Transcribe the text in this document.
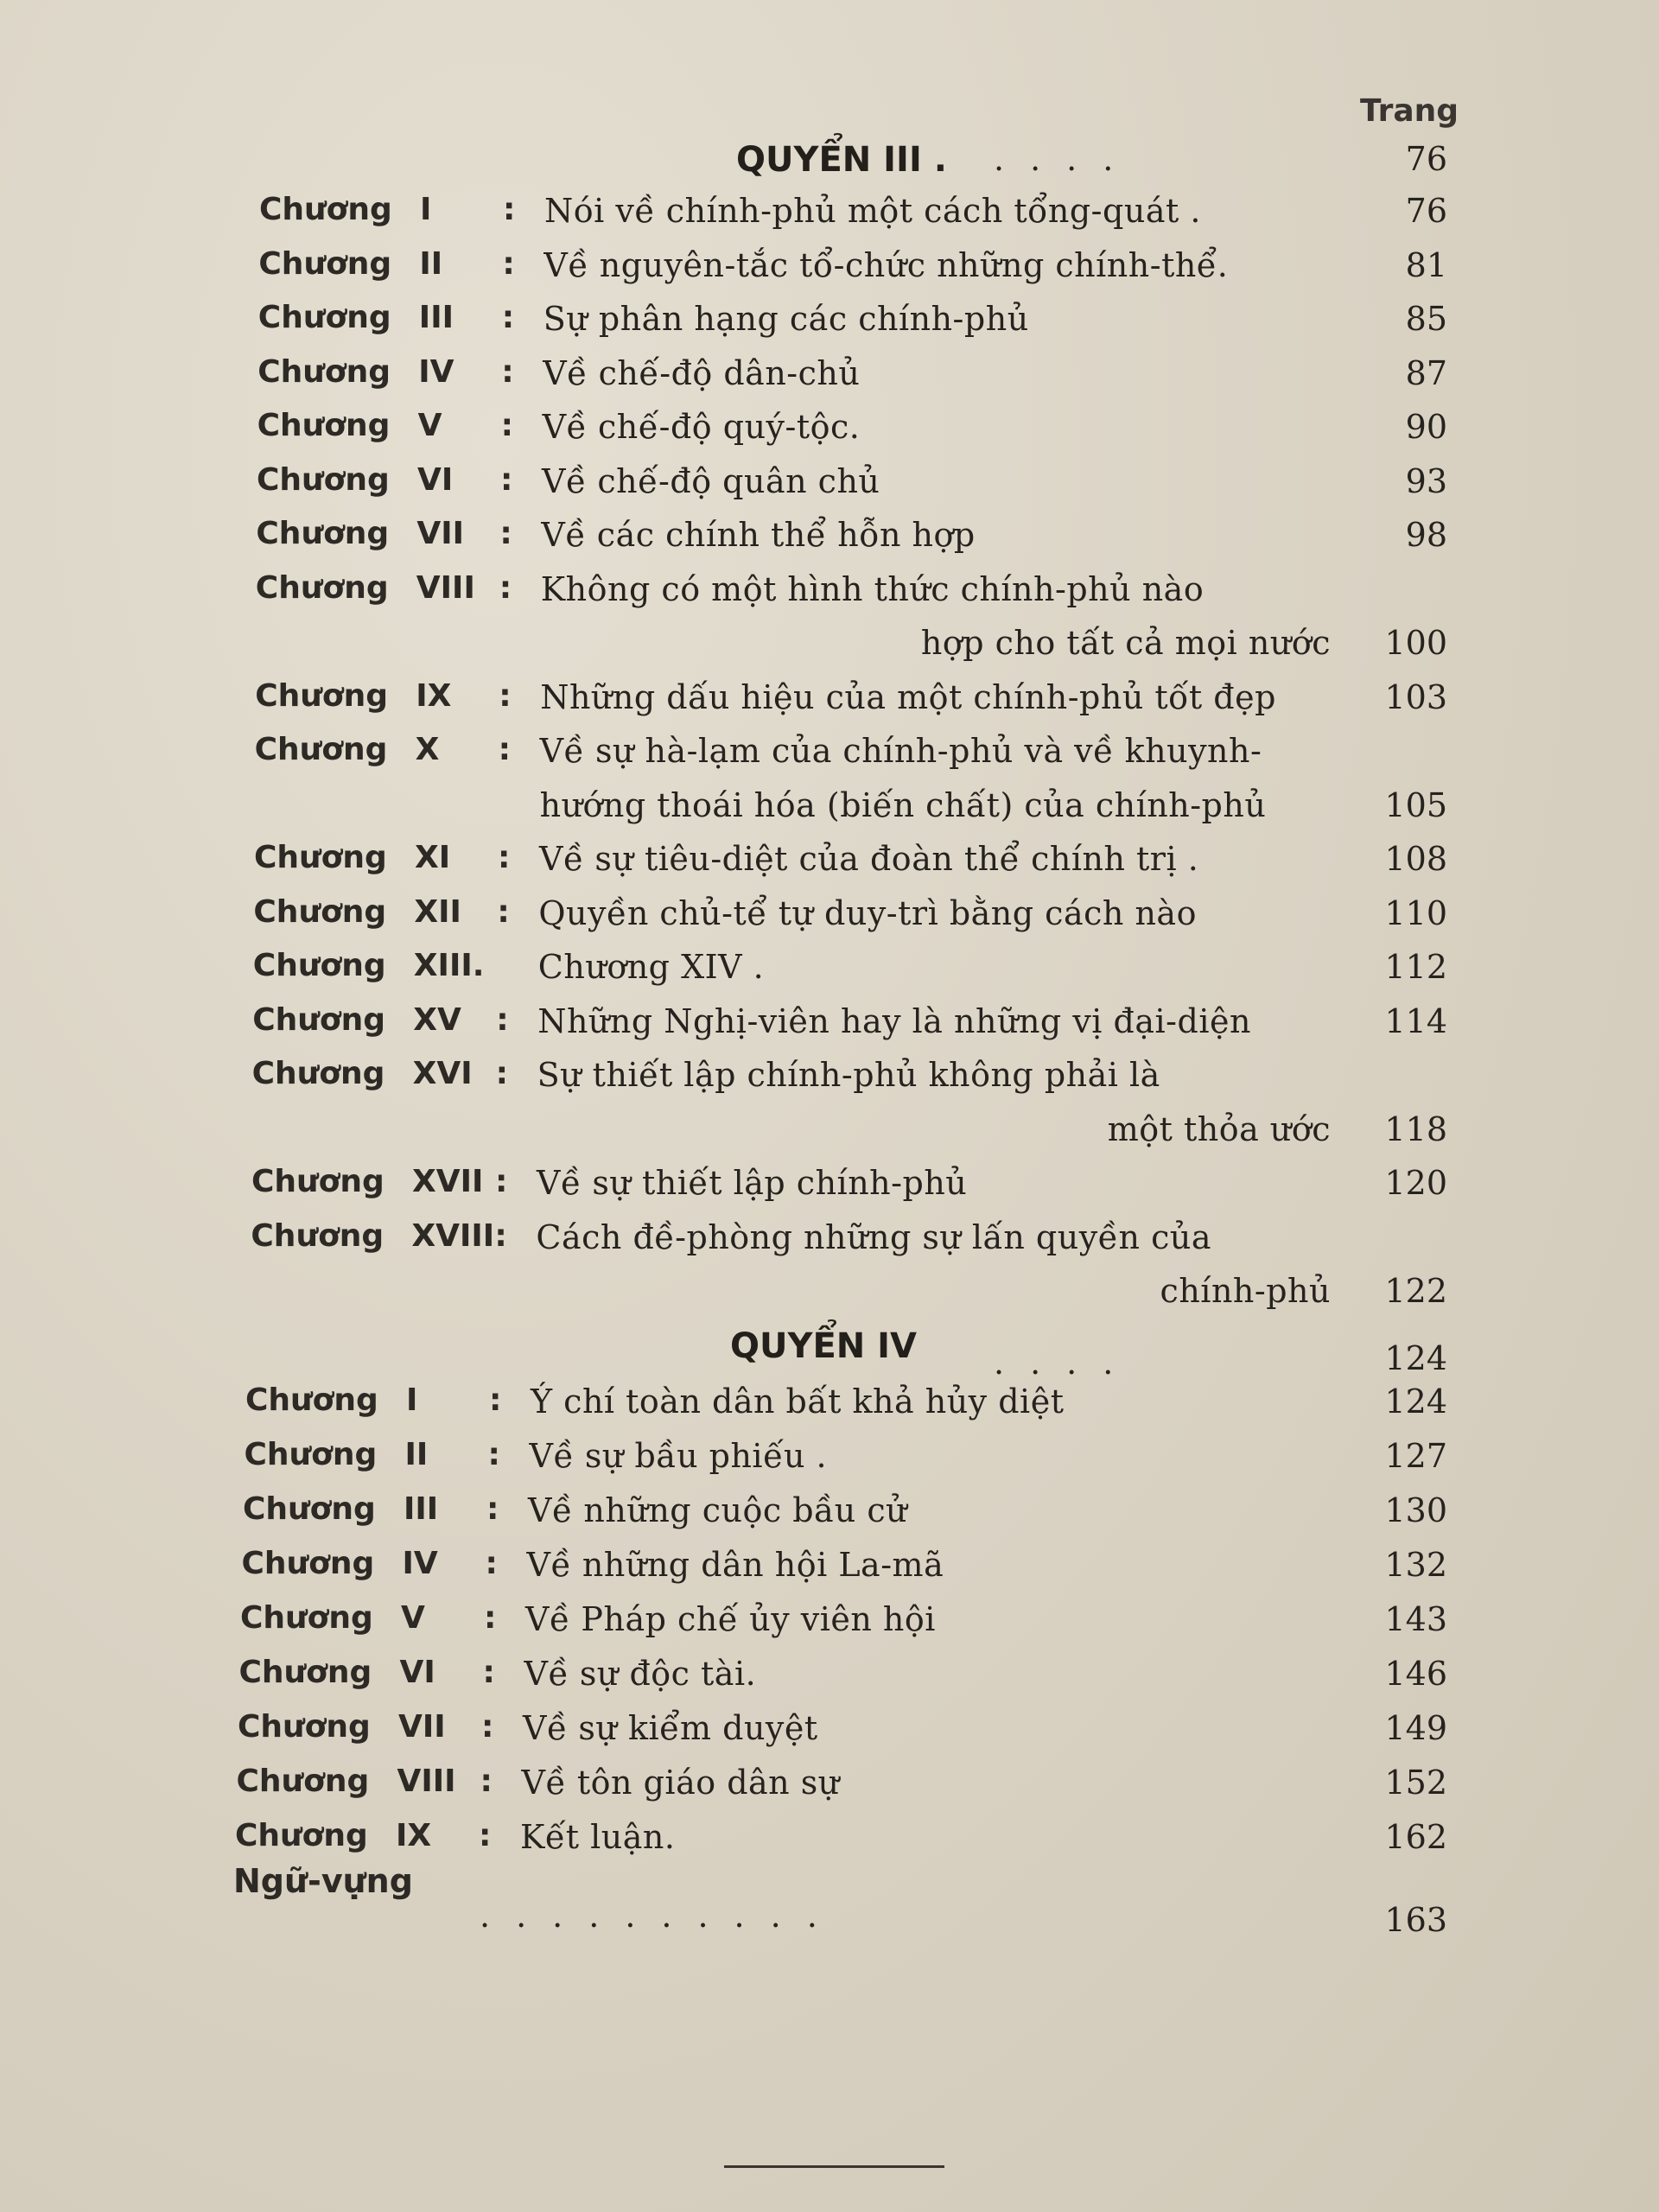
Trang
QUYỂN III . ....	76
Chương I : Nói về chính-phủ một cách tổng-quát .	76
Chương II : Về nguyên-tắc tổ-chức những chính-thể.	81
Chương III : Sự phân hạng các chính-phủ	85
Chương IV : Về chế-độ dân-chủ	87
Chương V : Về chế-độ quý-tộc.	90
Chương VI : Về chế-độ quân chủ	93
Chương VII : Về các chính thể hỗn hợp	98
Chương VIII : Không có một hình thức chính-phủ nào
hợp cho tất cả mọi nước	100
Chương IX : Những dấu hiệu của một chính-phủ tốt đẹp	103
Chương X : Về sự hà-lạm của chính-phủ và về khuynh-
hướng thoái hóa (biến chất) của chính-phủ	105
Chương XI : Về sự tiêu-diệt của đoàn thể chính trị .	108
Chương XII : Quyền chủ-tể tự duy-trì bằng cách nào	110
Chương XIII. Chương XIV .	112
Chương XV : Những Nghị-viên hay là những vị đại-diện	114
Chương XVI : Sự thiết lập chính-phủ không phải là
một thỏa ước	118
Chương XVII : Về sự thiết lập chính-phủ	120
Chương XVIII : Cách đề-phòng những sự lấn quyền của
chính-phủ	122
QUYỂN IV ....	124
Chương I : Ý chí toàn dân bất khả hủy diệt	124
Chương II : Về sự bầu phiếu .	127
Chương III : Về những cuộc bầu cử	130
Chương IV : Về những dân hội La-mã	132
Chương V : Về Pháp chế ủy viên hội	143
Chương VI : Về sự độc tài.	146
Chương VII : Về sự kiểm duyệt	149
Chương VIII : Về tôn giáo dân sự	152
Chương IX : Kết luận.	162
Ngữ-vựng
..........	163
